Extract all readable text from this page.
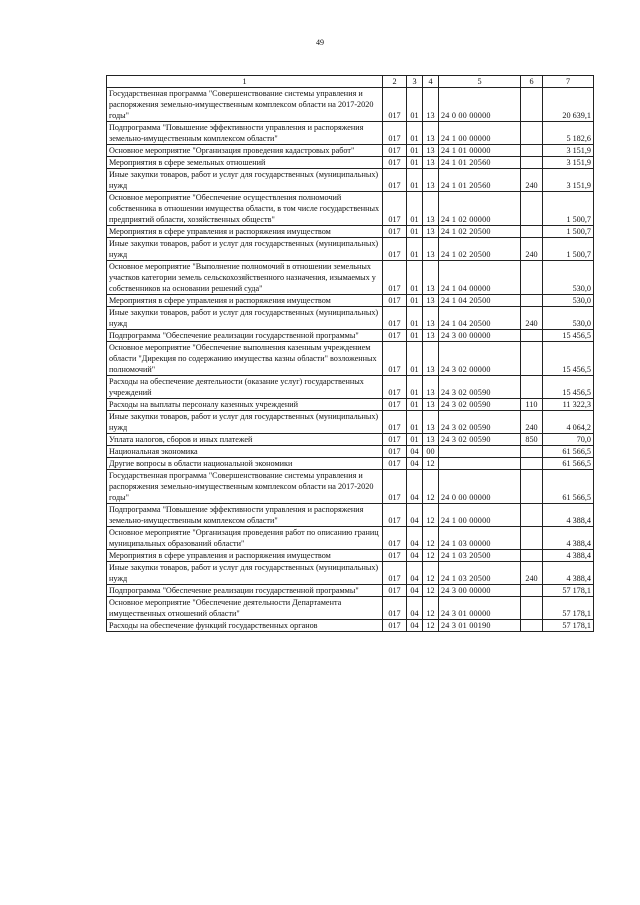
49
1	2	3	4	5	6	7
Государственная программа "Совершенствование системы управления и распоряжения земельно-имущественным комплексом области на 2017-2020 годы"	017	01	13	24 0 00 00000		20 639,1
Подпрограмма "Повышение эффективности управления и распоряжения земельно-имущественным комплексом области"	017	01	13	24 1 00 00000		5 182,6
Основное мероприятие "Организация проведения кадастровых работ"	017	01	13	24 1 01 00000		3 151,9
Мероприятия в сфере земельных отношений	017	01	13	24 1 01 20560		3 151,9
Иные закупки товаров, работ и услуг для государственных (муниципальных) нужд	017	01	13	24 1 01 20560	240	3 151,9
Основное мероприятие "Обеспечение осуществления полномочий собственника в отношении имущества области, в том числе государственных предприятий области, хозяйственных обществ"	017	01	13	24 1 02 00000		1 500,7
Мероприятия в сфере управления и распоряжения имуществом	017	01	13	24 1 02 20500		1 500,7
Иные закупки товаров, работ и услуг для государственных (муниципальных) нужд	017	01	13	24 1 02 20500	240	1 500,7
Основное мероприятие "Выполнение полномочий в отношении земельных участков категории земель сельскохозяйственного назначения, изымаемых у собственников на основании решений суда"	017	01	13	24 1 04 00000		530,0
Мероприятия в сфере управления и распоряжения имуществом	017	01	13	24 1 04 20500		530,0
Иные закупки товаров, работ и услуг для государственных (муниципальных) нужд	017	01	13	24 1 04 20500	240	530,0
Подпрограмма "Обеспечение реализации государственной программы"	017	01	13	24 3 00 00000		15 456,5
Основное мероприятие "Обеспечение выполнения казенным учреждением области "Дирекция по содержанию имущества казны области" возложенных полномочий"	017	01	13	24 3 02 00000		15 456,5
Расходы на обеспечение деятельности (оказание услуг) государственных учреждений	017	01	13	24 3 02 00590		15 456,5
Расходы на выплаты персоналу казенных учреждений	017	01	13	24 3 02 00590	110	11 322,3
Иные закупки товаров, работ и услуг для государственных (муниципальных) нужд	017	01	13	24 3 02 00590	240	4 064,2
Уплата налогов, сборов и иных платежей	017	01	13	24 3 02 00590	850	70,0
Национальная экономика	017	04	00			61 566,5
Другие вопросы в области национальной экономики	017	04	12			61 566,5
Государственная программа "Совершенствование системы управления и распоряжения земельно-имущественным комплексом области на 2017-2020 годы"	017	04	12	24 0 00 00000		61 566,5
Подпрограмма "Повышение эффективности управления и распоряжения земельно-имущественным комплексом области"	017	04	12	24 1 00 00000		4 388,4
Основное мероприятие "Организация проведения работ по описанию границ муниципальных образований области"	017	04	12	24 1 03 00000		4 388,4
Мероприятия в сфере управления и распоряжения имуществом	017	04	12	24 1 03 20500		4 388,4
Иные закупки товаров, работ и услуг для государственных (муниципальных) нужд	017	04	12	24 1 03 20500	240	4 388,4
Подпрограмма "Обеспечение реализации государственной программы"	017	04	12	24 3 00 00000		57 178,1
Основное мероприятие "Обеспечение деятельности Департамента имущественных отношений области"	017	04	12	24 3 01 00000		57 178,1
Расходы на обеспечение функций государственных органов	017	04	12	24 3 01 00190		57 178,1
